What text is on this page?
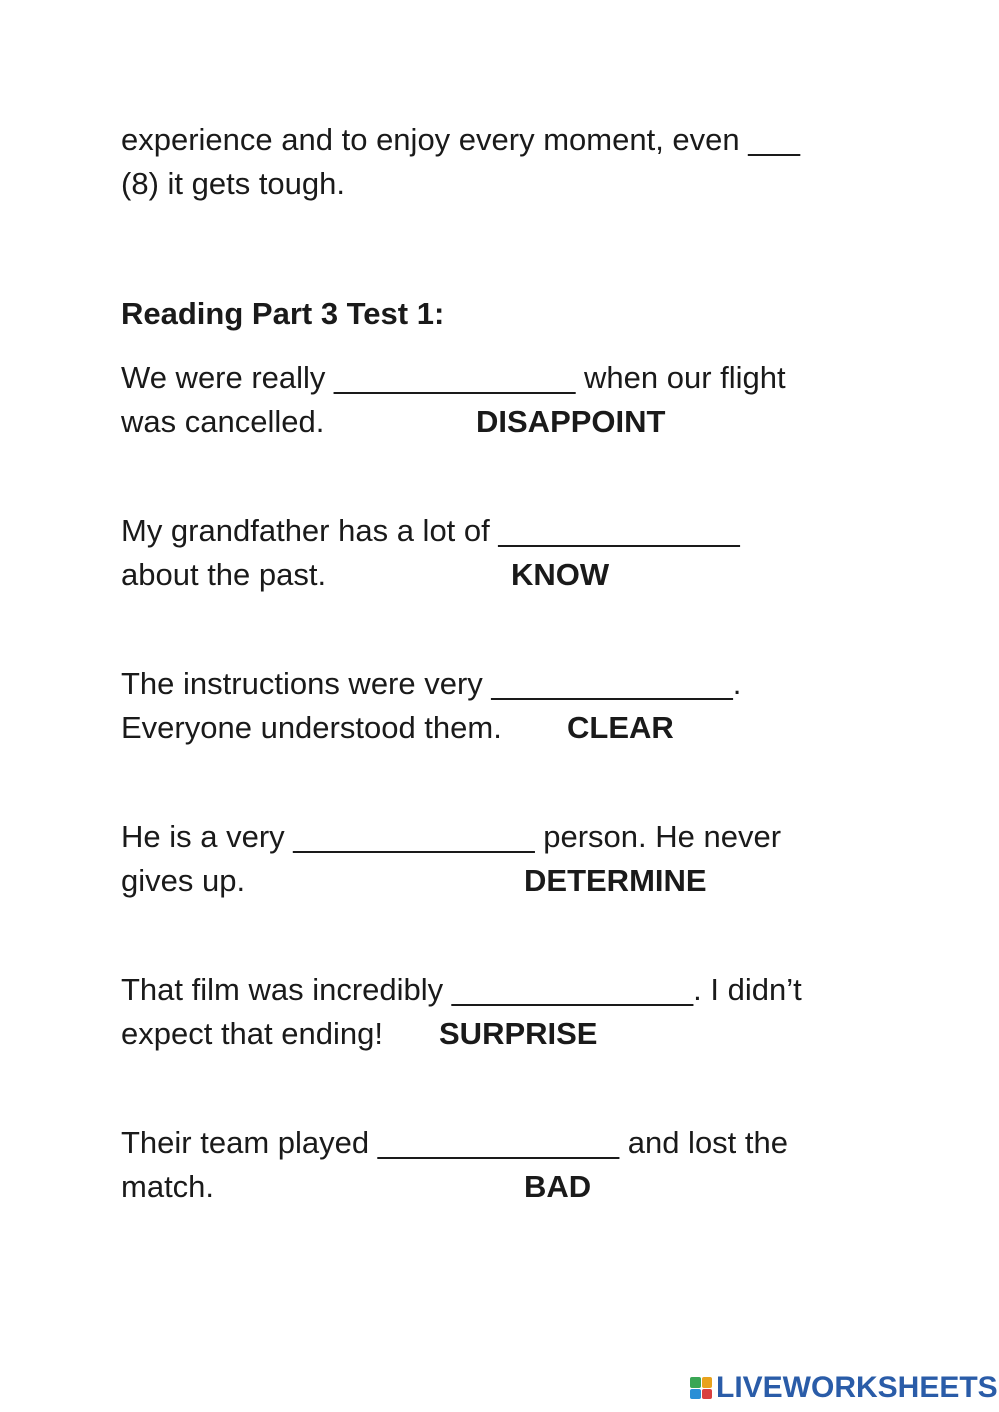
experience and to enjoy every moment, even ___
(8) it gets tough.
Reading Part 3 Test 1:
We were really ______________ when our flight
was cancelled.	DISAPPOINT
My grandfather has a lot of ______________
about the past.	KNOW
The instructions were very ______________.
Everyone understood them. CLEAR
He is a very ______________ person. He never
gives up.	DETERMINE
That film was incredibly ______________. I didn’t
expect that ending! SURPRISE
Their team played ______________ and lost the
match.	BAD
LIVEWORKSHEETS
